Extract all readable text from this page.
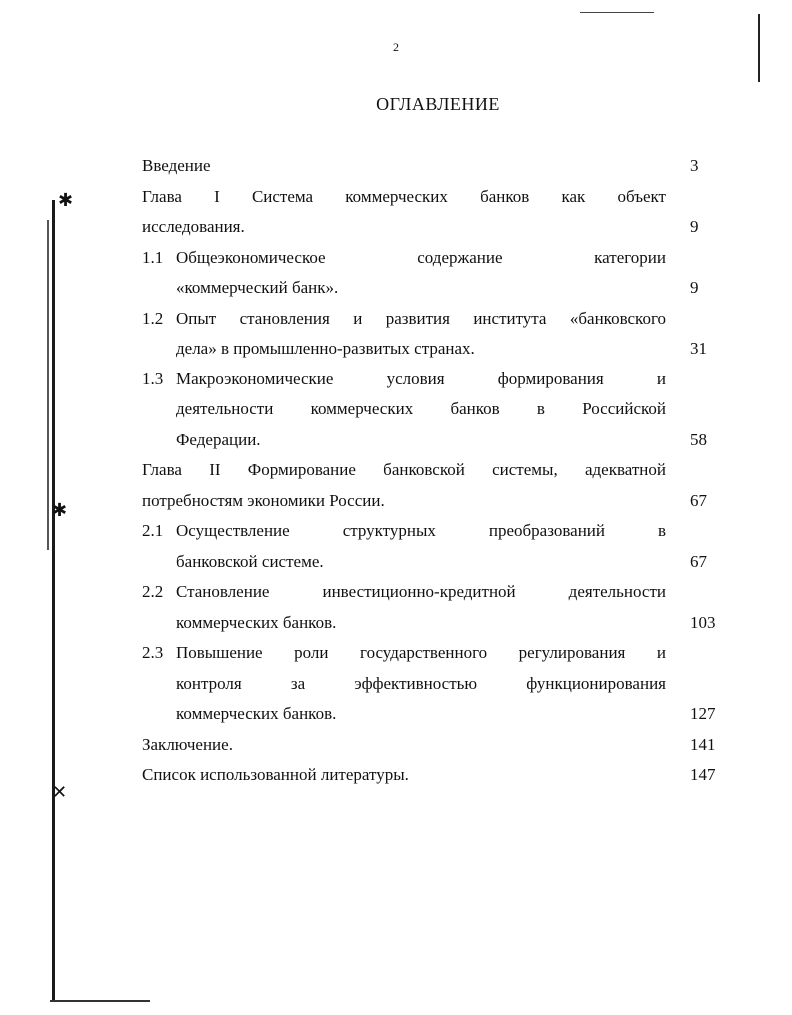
✱
✱
✕
2
ОГЛАВЛЕНИЕ
Введение	3
Глава I Система коммерческих банков как объект
исследования.	9
1.1 Общеэкономическое содержание категории
«коммерческий банк».	9
1.2 Опыт становления и развития института «банковского
дела» в промышленно-развитых странах.	31
1.3 Макроэкономические условия формирования и
деятельности коммерческих банков в Российской
Федерации.	58
Глава II Формирование банковской системы, адекватной
потребностям экономики России.	67
2.1 Осуществление структурных преобразований в
банковской системе.	67
2.2 Становление инвестиционно-кредитной деятельности
коммерческих банков.	103
2.3 Повышение роли государственного регулирования и
контроля за эффективностью функционирования
коммерческих банков.	127
Заключение.	141
Список использованной литературы.	147
